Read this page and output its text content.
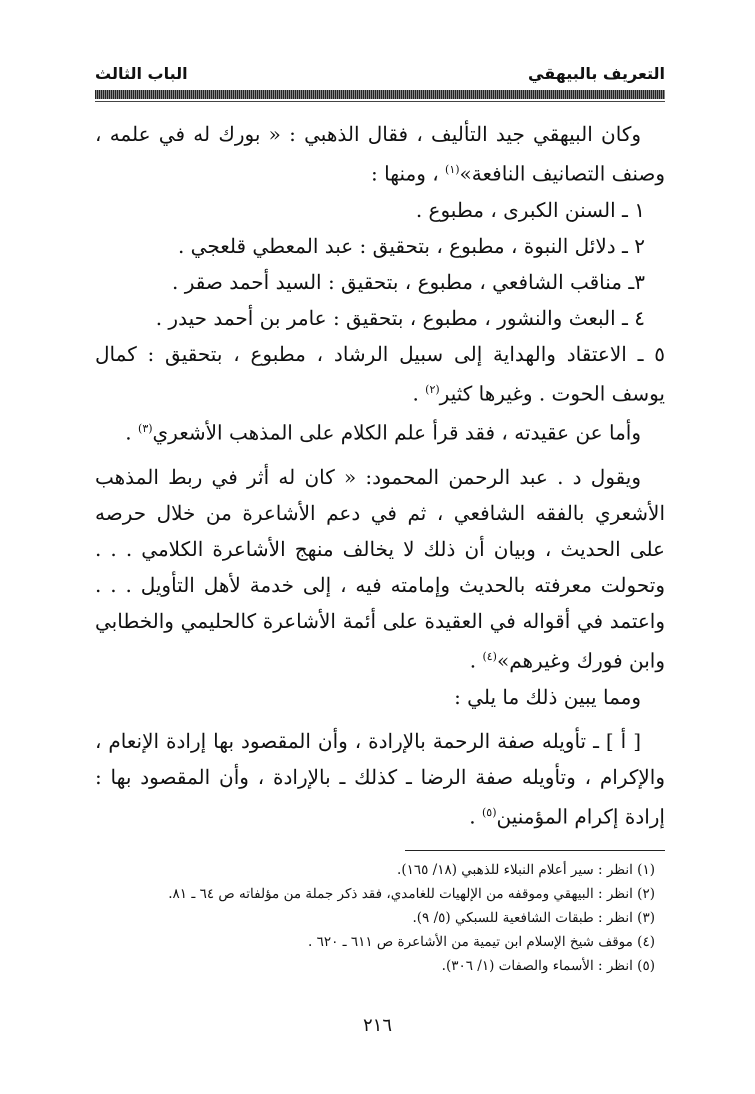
التعريف بالبيهقي
الباب الثالث

وكان البيهقي جيد التأليف ، فقال الذهبي : « بورك له في علمه ، وصنف التصانيف النافعة»$^{(١)}$ ، ومنها :

١ ـ السنن الكبرى ، مطبوع .

٢ ـ دلائل النبوة ، مطبوع ، بتحقيق : عبد المعطي قلعجي .

٣ـ مناقب الشافعي ، مطبوع ، بتحقيق : السيد أحمد صقر .

٤ ـ البعث والنشور ، مطبوع ، بتحقيق : عامر بن أحمد حيدر .

٥ ـ الاعتقاد والهداية إلى سبيل الرشاد ، مطبوع ، بتحقيق : كمال يوسف الحوت . وغيرها كثير$^{(٢)}$ .

وأما عن عقيدته ، فقد قرأ علم الكلام على المذهب الأشعري$^{(٣)}$ .

ويقول د . عبد الرحمن المحمود: « كان له أثر في ربط المذهب الأشعري بالفقه الشافعي ، ثم في دعم الأشاعرة من خلال حرصه على الحديث ، وبيان أن ذلك لا يخالف منهج الأشاعرة الكلامي . . . وتحولت معرفته بالحديث وإمامته فيه ، إلى خدمة لأهل التأويل . . . واعتمد في أقواله في العقيدة على أئمة الأشاعرة كالحليمي والخطابي وابن فورك وغيرهم»$^{(٤)}$ .

ومما يبين ذلك ما يلي :

[ أ ] ـ تأويله صفة الرحمة بالإرادة ، وأن المقصود بها إرادة الإنعام ، والإكرام ، وتأويله صفة الرضا ـ كذلك ـ بالإرادة ، وأن المقصود بها : إرادة إكرام المؤمنين$^{(٥)}$ .

(١) انظر : سير أعلام النبلاء للذهبي (١٨/ ١٦٥).

(٢) انظر : البيهقي وموقفه من الإلهيات للغامدي، فقد ذكر جملة من مؤلفاته ص ٦٤ ـ ٨١.

(٣) انظر : طبقات الشافعية للسبكي (٥/ ٩).

(٤) موقف شيخ الإسلام ابن تيمية من الأشاعرة ص ٦١١ ـ ٦٢٠ .

(٥) انظر : الأسماء والصفات (١/ ٣٠٦).

٢١٦
